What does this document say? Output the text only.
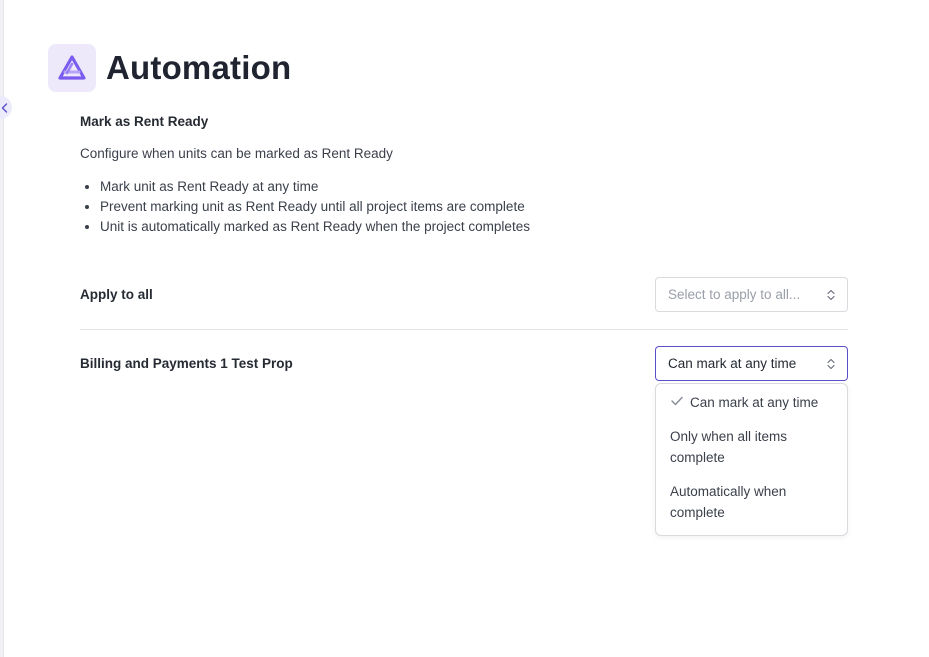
Automation
Mark as Rent Ready
Configure when units can be marked as Rent Ready
• Mark unit as Rent Ready at any time
• Prevent marking unit as Rent Ready until all project items are complete
• Unit is automatically marked as Rent Ready when the project completes
Apply to all	Select to apply to all...
Billing and Payments 1 Test Prop	Can mark at any time
Can mark at any time
Only when all items complete
Automatically when complete
